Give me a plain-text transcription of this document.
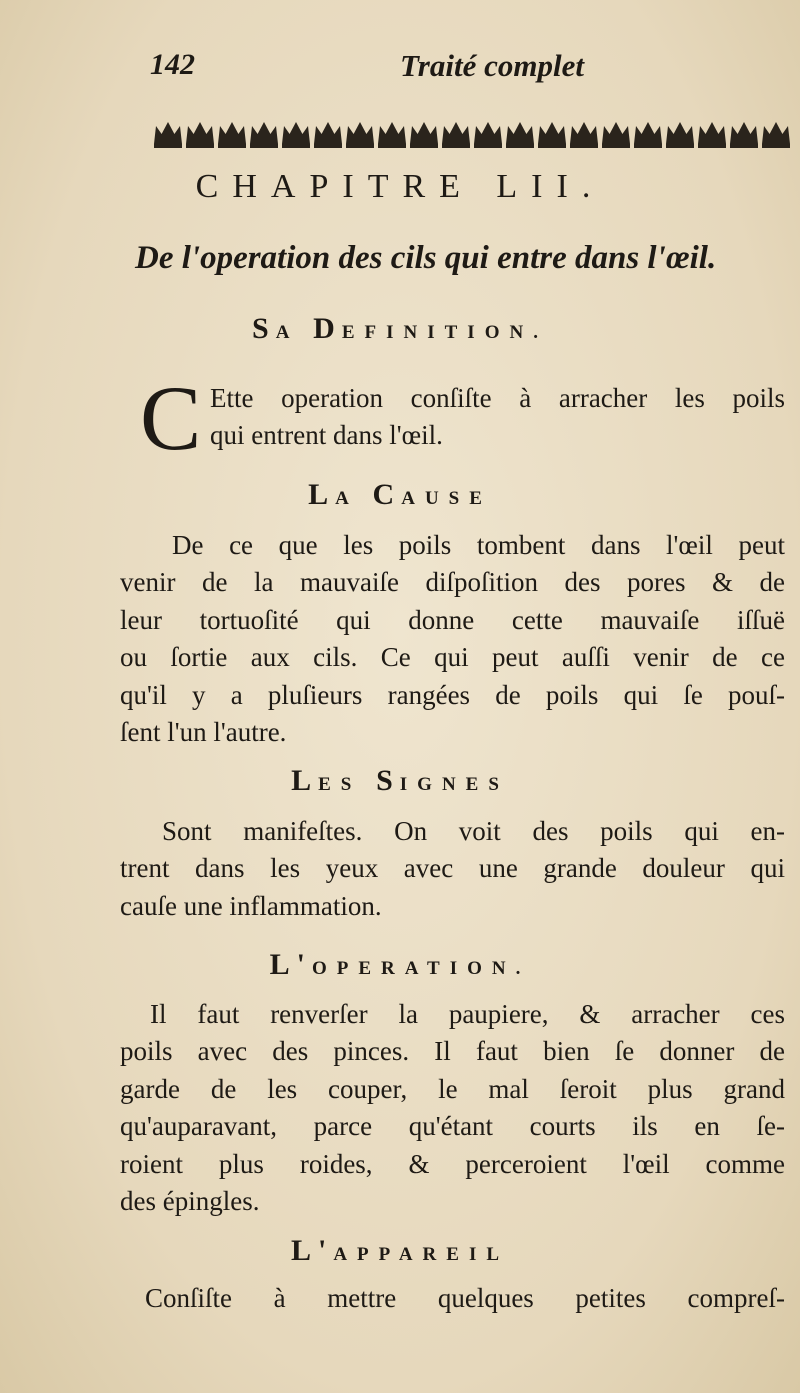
142	Traité complet
CHAPITRE LII.
De l'operation des cils qui entre dans l'œil.
SA DEFINITION.
C Ette operation conſiſte à arracher les poils
qui entrent dans l'œil.
LA CAUSE
De ce que les poils tombent dans l'œil peut
venir de la mauvaiſe diſpoſition des pores & de
leur tortuoſité qui donne cette mauvaiſe iſſuë
ou ſortie aux cils. Ce qui peut auſſi venir de ce
qu'il y a pluſieurs rangées de poils qui ſe pouſ-
ſent l'un l'autre.
LES SIGNES
Sont manifeſtes. On voit des poils qui en-
trent dans les yeux avec une grande douleur qui
cauſe une inflammation.
L'OPERATION.
Il faut renverſer la paupiere, & arracher ces
poils avec des pinces. Il faut bien ſe donner de
garde de les couper, le mal ſeroit plus grand
qu'auparavant, parce qu'étant courts ils en ſe-
roient plus roides, & perceroient l'œil comme
des épingles.
L'APPAREIL
Conſiſte à mettre quelques petites compreſ-
